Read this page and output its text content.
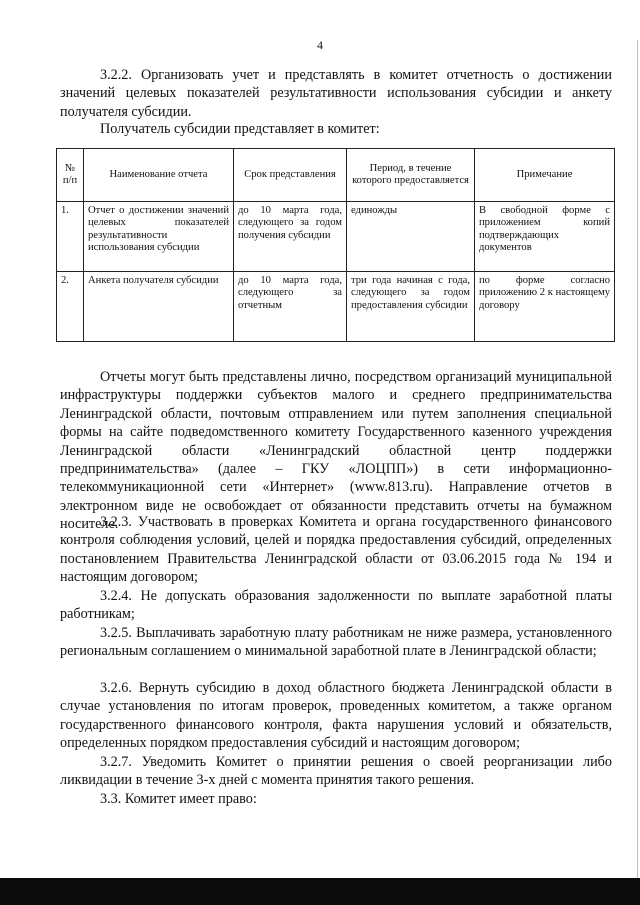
4

3.2.2. Организовать учет и представлять в комитет отчетность о достижении значений целевых показателей результативности использования субсидии и анкету получателя субсидии.

Получатель субсидии представляет в комитет:

№ п/п	Наименование отчета	Срок представления	Период, в течение которого предоставляется	Примечание
1.	Отчет о достижении значений целевых показателей результативности использования субсидии	до 10 марта года, следующего за годом получения субсидии	единожды	В свободной форме с приложением копий подтверждающих документов
2.	Анкета получателя субсидии	до 10 марта года, следующего за отчетным	три года начиная с года, следующего за годом предоставления субсидии	по форме согласно приложению 2 к настоящему договору

Отчеты могут быть представлены лично, посредством организаций муниципальной инфраструктуры поддержки субъектов малого и среднего предпринимательства Ленинградской области, почтовым отправлением или путем заполнения специальной формы на сайте подведомственного комитету Государственного казенного учреждения Ленинградской области «Ленинградский областной центр поддержки предпринимательства» (далее – ГКУ «ЛОЦПП») в сети информационно-телекоммуникационной сети «Интернет» (www.813.ru). Направление отчетов в электронном виде не освобождает от обязанности представить отчеты на бумажном носителе.

3.2.3. Участвовать в проверках Комитета и органа государственного финансового контроля соблюдения условий, целей и порядка предоставления субсидий, определенных постановлением Правительства Ленинградской области от 03.06.2015 года № 194 и настоящим договором;

3.2.4. Не допускать образования задолженности по выплате заработной платы работникам;

3.2.5. Выплачивать заработную плату работникам не ниже размера, установленного региональным соглашением о минимальной заработной плате в Ленинградской области;

3.2.6. Вернуть субсидию в доход областного бюджета Ленинградской области в случае установления по итогам проверок, проведенных комитетом, а также органом государственного финансового контроля, факта нарушения условий и обязательств, определенных порядком предоставления субсидий и настоящим договором;

3.2.7. Уведомить Комитет о принятии решения о своей реорганизации либо ликвидации в течение 3-х дней с момента принятия такого решения.

3.3. Комитет имеет право:
